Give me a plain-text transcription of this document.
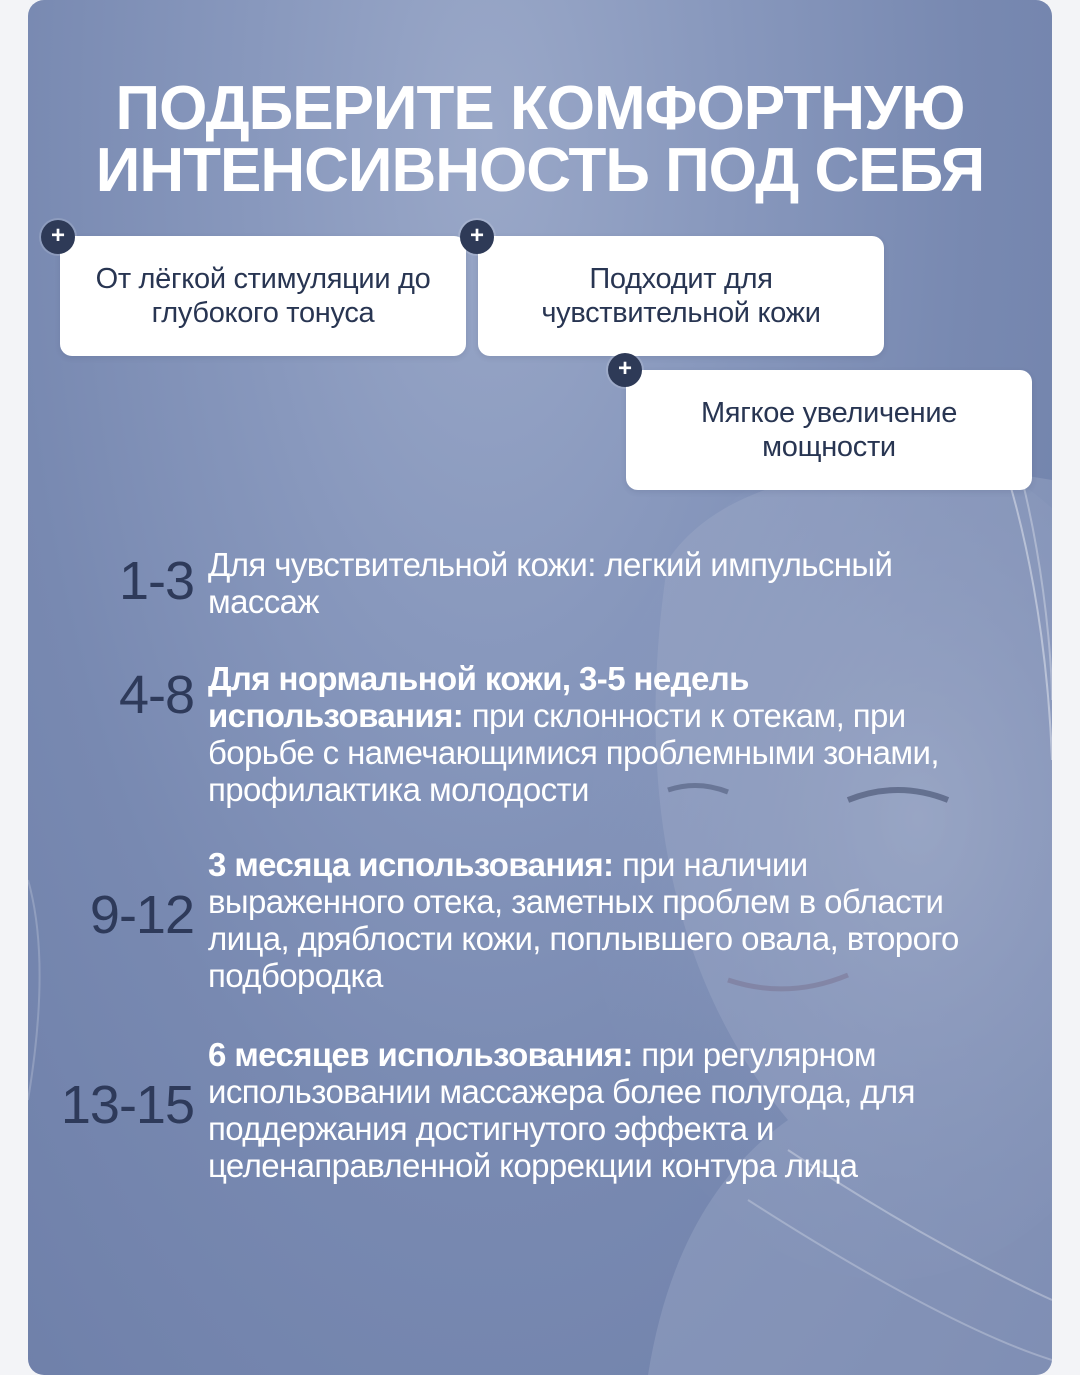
ПОДБЕРИТЕ КОМФОРТНУЮ
ИНТЕНСИВНОСТЬ ПОД СЕБЯ
От лёгкой стимуляции до глубокого тонуса
+
Подходит для чувствительной кожи
+
Мягкое увеличение мощности
+
1-3 Для чувствительной кожи: легкий импульсный массаж
4-8 Для нормальной кожи, 3-5 недель использования: при склонности к отекам, при борьбе с намечающимися проблемными зонами, профилактика молодости
9-12
3 месяца использования: при наличии выраженного отека, заметных проблем в области лица, дряблости кожи, поплывшего овала, второго подбородка
13-15
6 месяцев использования: при регулярном использовании массажера более полугода, для поддержания достигнутого эффекта и целенаправленной коррекции контура лица
